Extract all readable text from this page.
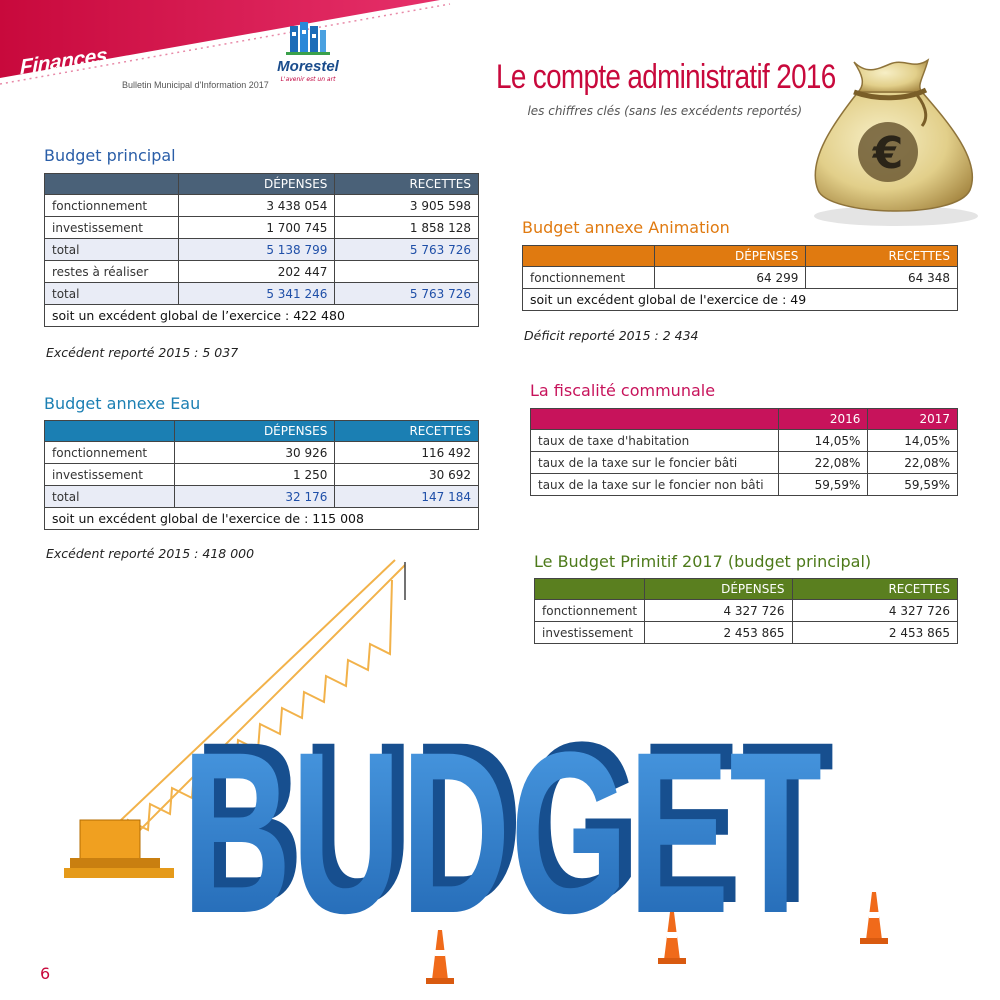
Finances
Bulletin Municipal d'Information 2017
Morestel
L'avenir est un art	Le compte administratif 2016
les chiffres clés (sans les excédents reportés)
€
Budget principal
	DÉPENSES	RECETTES
fonctionnement	3 438 054	3 905 598
investissement	1 700 745	1 858 128
total	5 138 799	5 763 726
restes à réaliser	202 447	
total	5 341 246	5 763 726
soit un excédent global de l’exercice : 422 480		
Excédent reporté 2015 : 5 037
Budget annexe Eau
	DÉPENSES	RECETTES
fonctionnement	30 926	116 492
investissement	1 250	30 692
total	32 176	147 184
soit un excédent global de l'exercice de : 115 008		
Excédent reporté 2015 : 418 000
Budget annexe Animation
	DÉPENSES	RECETTES
fonctionnement	64 299	64 348
soit un excédent global de l'exercice de : 49		
Déficit reporté 2015 : 2 434
La fiscalité communale
	2016	2017
taux de taxe d'habitation	14,05%	14,05%
taux de la taxe sur le foncier bâti	22,08%	22,08%
taux de la taxe sur le foncier non bâti	59,59%	59,59%
Le Budget Primitif 2017 (budget principal)
	DÉPENSES	RECETTES
fonctionnement	4 327 726	4 327 726
investissement	2 453 865	2 453 865
BUDGET
BUDGET
6
